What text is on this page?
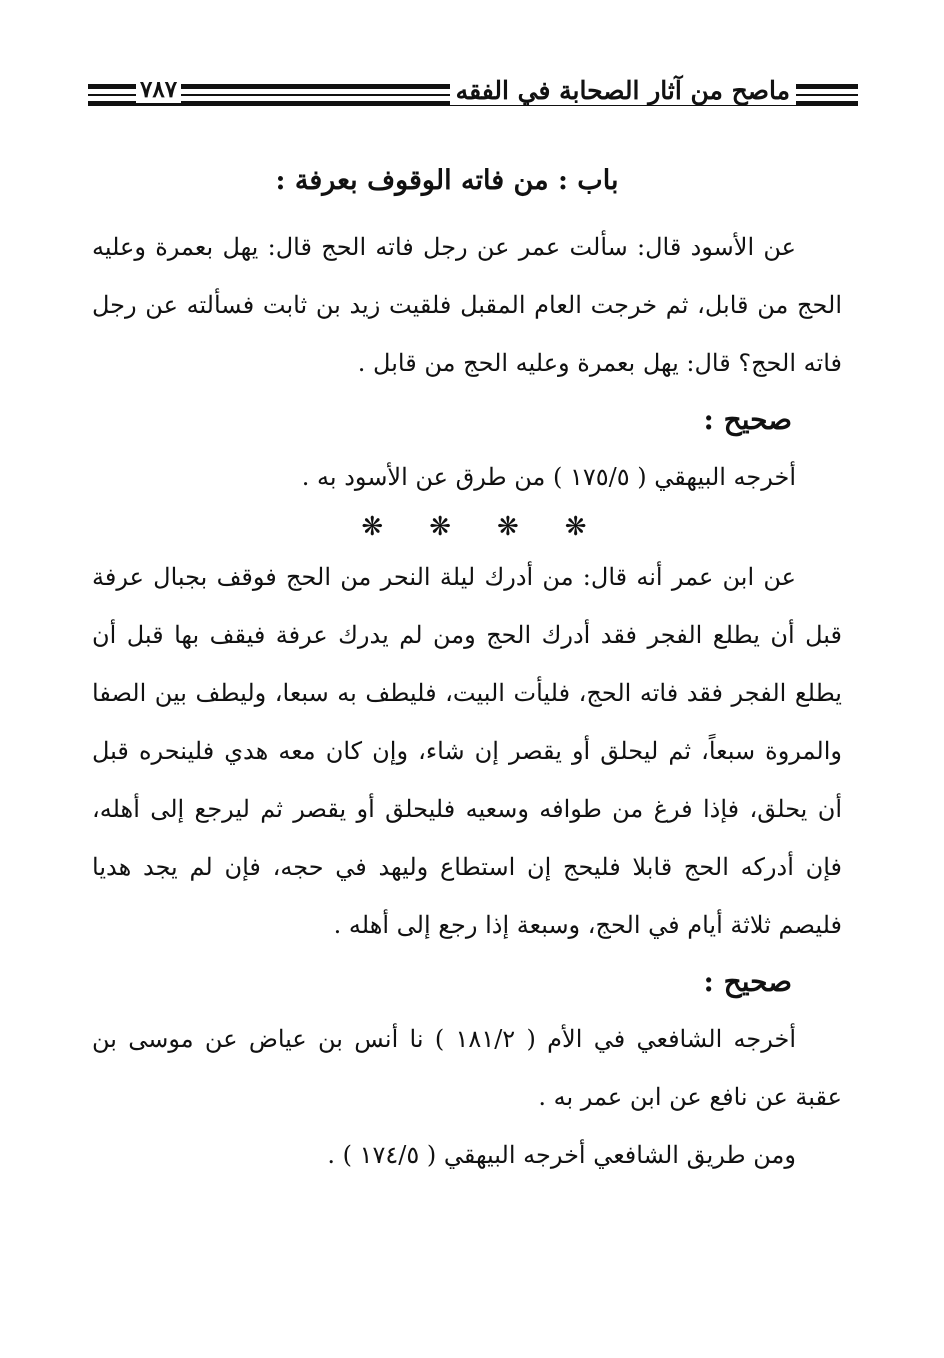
ماصح من آثار الصحابة في الفقه
٧٨٧
باب : من فاته الوقوف بعرفة :

عن الأسود قال: سألت عمر عن رجل فاته الحج قال: يهل بعمرة وعليه الحج من قابل، ثم خرجت العام المقبل فلقيت زيد بن ثابت فسألته عن رجل فاته الحج؟ قال: يهل بعمرة وعليه الحج من قابل .

صحيح :

أخرجه البيهقي ( ١٧٥/٥ ) من طرق عن الأسود به .

❋❋❋❋

عن ابن عمر أنه قال: من أدرك ليلة النحر من الحج فوقف بجبال عرفة قبل أن يطلع الفجر فقد أدرك الحج ومن لم يدرك عرفة فيقف بها قبل أن يطلع الفجر فقد فاته الحج، فليأت البيت، فليطف به سبعا، وليطف بين الصفا والمروة سبعاً، ثم ليحلق أو يقصر إن شاء، وإن كان معه هدي فلينحره قبل أن يحلق، فإذا فرغ من طوافه وسعيه فليحلق أو يقصر ثم ليرجع إلى أهله، فإن أدركه الحج قابلا فليحج إن استطاع وليهد في حجه، فإن لم يجد هديا فليصم ثلاثة أيام في الحج، وسبعة إذا رجع إلى أهله .

صحيح :

أخرجه الشافعي في الأم ( ١٨١/٢ ) نا أنس بن عياض عن موسى بن عقبة عن نافع عن ابن عمر به .

ومن طريق الشافعي أخرجه البيهقي ( ١٧٤/٥ ) .
